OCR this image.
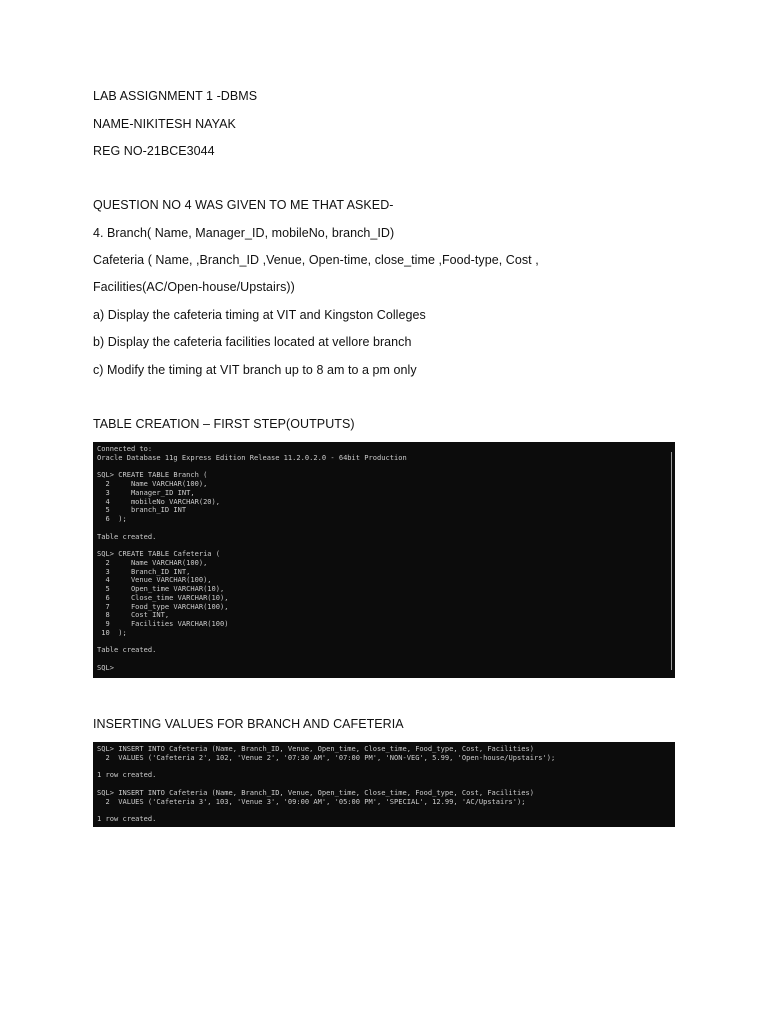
LAB ASSIGNMENT 1 -DBMS
NAME-NIKITESH NAYAK
REG NO-21BCE3044
QUESTION NO 4 WAS GIVEN TO ME THAT ASKED-
4. Branch( Name, Manager_ID, mobileNo, branch_ID)
Cafeteria ( Name, ,Branch_ID ,Venue, Open-time, close_time ,Food-type, Cost ,
Facilities(AC/Open-house/Upstairs))
a) Display the cafeteria timing at VIT and Kingston Colleges
b) Display the cafeteria facilities located at vellore branch
c) Modify the timing at VIT branch up to 8 am to a pm only
TABLE CREATION – FIRST STEP(OUTPUTS)
Connected to:
Oracle Database 11g Express Edition Release 11.2.0.2.0 - 64bit Production

SQL> CREATE TABLE Branch (
2     Name VARCHAR(100),
3     Manager_ID INT,
4     mobileNo VARCHAR(20),
5     branch_ID INT
6  );

Table created.

SQL> CREATE TABLE Cafeteria (
2     Name VARCHAR(100),
3     Branch_ID INT,
4     Venue VARCHAR(100),
5     Open_time VARCHAR(10),
6     Close_time VARCHAR(10),
7     Food_type VARCHAR(100),
8     Cost INT,
9     Facilities VARCHAR(100)
10  );

Table created.

SQL>
INSERTING VALUES FOR BRANCH AND CAFETERIA
SQL> INSERT INTO Cafeteria (Name, Branch_ID, Venue, Open_time, Close_time, Food_type, Cost, Facilities)
2  VALUES ('Cafeteria 2', 102, 'Venue 2', '07:30 AM', '07:00 PM', 'NON-VEG', 5.99, 'Open-house/Upstairs');

1 row created.

SQL> INSERT INTO Cafeteria (Name, Branch_ID, Venue, Open_time, Close_time, Food_type, Cost, Facilities)
2  VALUES ('Cafeteria 3', 103, 'Venue 3', '09:00 AM', '05:00 PM', 'SPECIAL', 12.99, 'AC/Upstairs');

1 row created.
